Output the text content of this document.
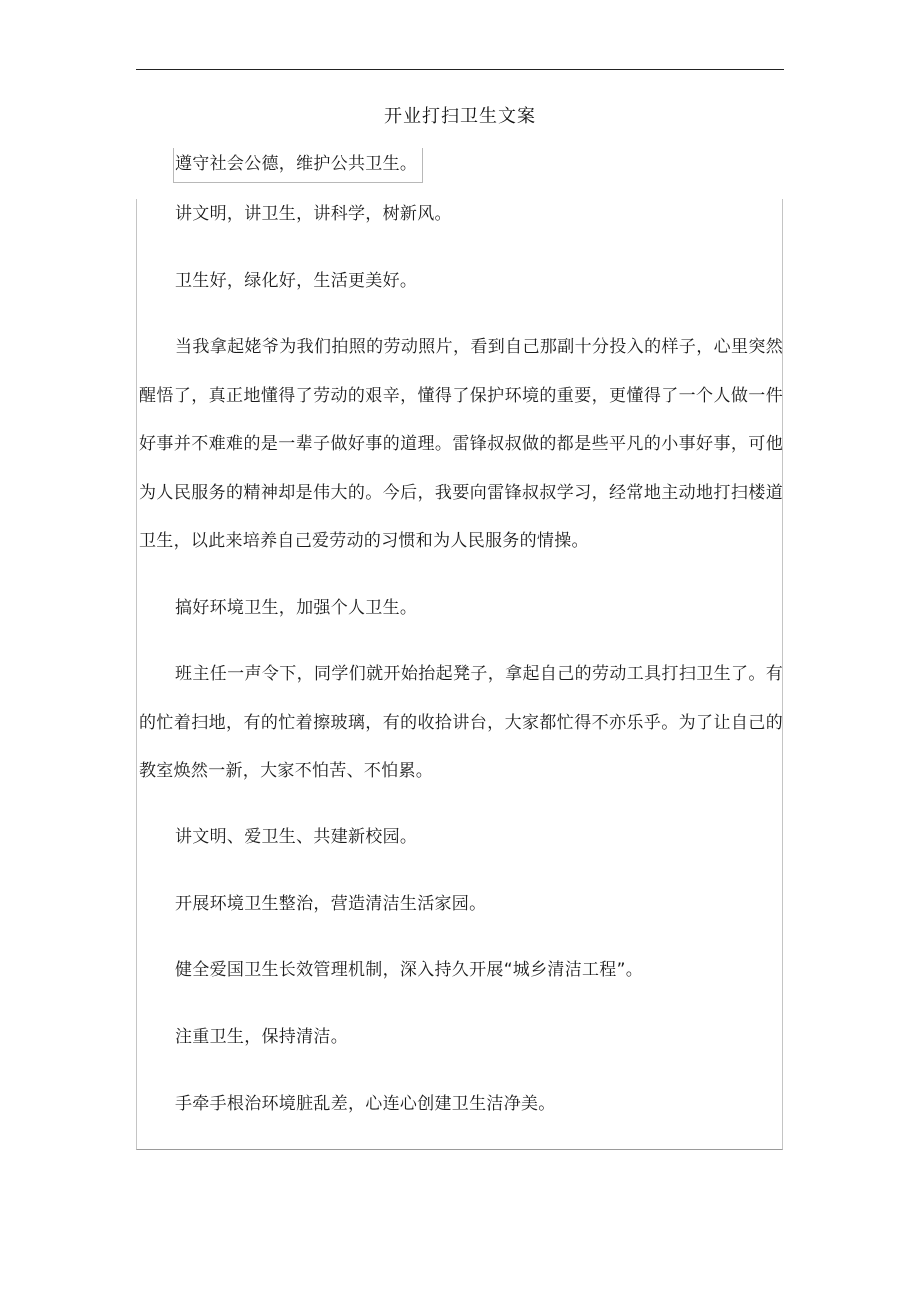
开业打扫卫生文案
遵守社会公德，维护公共卫生。

讲文明，讲卫生，讲科学，树新风。

卫生好，绿化好，生活更美好。

当我拿起姥爷为我们拍照的劳动照片，看到自己那副十分投入的样子，心里突然醒悟了，真正地懂得了劳动的艰辛，懂得了保护环境的重要，更懂得了一个人做一件好事并不难难的是一辈子做好事的道理。雷锋叔叔做的都是些平凡的小事好事，可他为人民服务的精神却是伟大的。今后，我要向雷锋叔叔学习，经常地主动地打扫楼道卫生，以此来培养自己爱劳动的习惯和为人民服务的情操。

搞好环境卫生，加强个人卫生。

班主任一声令下，同学们就开始抬起凳子，拿起自己的劳动工具打扫卫生了。有的忙着扫地，有的忙着擦玻璃，有的收拾讲台，大家都忙得不亦乐乎。为了让自己的教室焕然一新，大家不怕苦、不怕累。

讲文明、爱卫生、共建新校园。

开展环境卫生整治，营造清洁生活家园。

健全爱国卫生长效管理机制，深入持久开展“城乡清洁工程”。

注重卫生，保持清洁。

手牵手根治环境脏乱差，心连心创建卫生洁净美。
